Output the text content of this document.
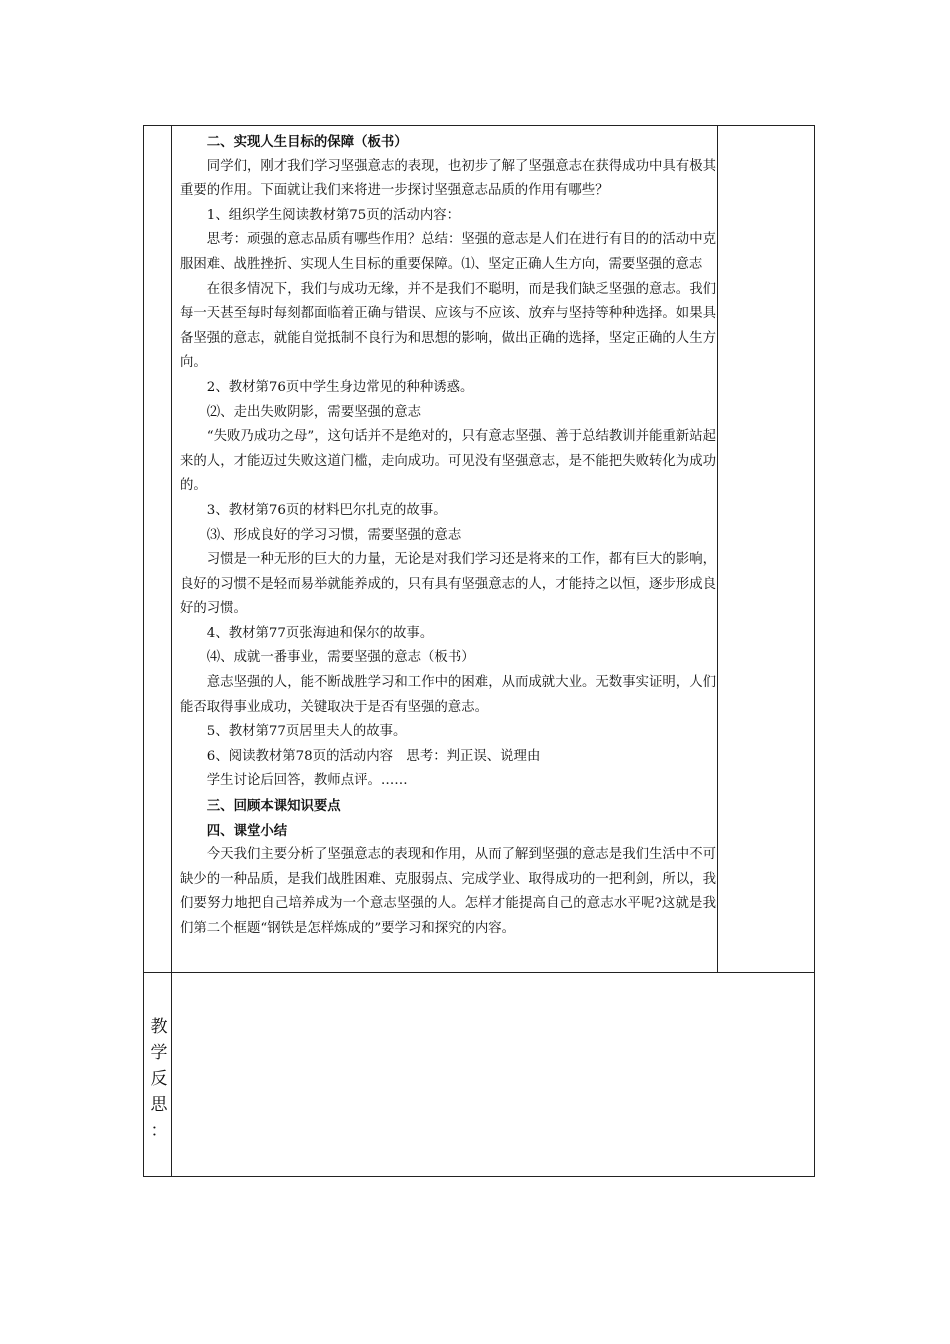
二、实现人生目标的保障（板书）

同学们，刚才我们学习坚强意志的表现，也初步了解了坚强意志在获得成功中具有极其重要的作用。下面就让我们来将进一步探讨坚强意志品质的作用有哪些？

1、组织学生阅读教材第75页的活动内容：

思考：顽强的意志品质有哪些作用？总结：坚强的意志是人们在进行有目的的活动中克服困难、战胜挫折、实现人生目标的重要保障。⑴、坚定正确人生方向，需要坚强的意志

在很多情况下，我们与成功无缘，并不是我们不聪明，而是我们缺乏坚强的意志。我们每一天甚至每时每刻都面临着正确与错误、应该与不应该、放弃与坚持等种种选择。如果具备坚强的意志，就能自觉抵制不良行为和思想的影响，做出正确的选择，坚定正确的人生方向。

2、教材第76页中学生身边常见的种种诱惑。

⑵、走出失败阴影，需要坚强的意志

“失败乃成功之母”，这句话并不是绝对的，只有意志坚强、善于总结教训并能重新站起来的人，才能迈过失败这道门槛，走向成功。可见没有坚强意志，是不能把失败转化为成功的。

3、教材第76页的材料巴尔扎克的故事。

⑶、形成良好的学习习惯，需要坚强的意志

习惯是一种无形的巨大的力量，无论是对我们学习还是将来的工作，都有巨大的影响，良好的习惯不是轻而易举就能养成的，只有具有坚强意志的人，才能持之以恒，逐步形成良好的习惯。

4、教材第77页张海迪和保尔的故事。

⑷、成就一番事业，需要坚强的意志（板书）

意志坚强的人，能不断战胜学习和工作中的困难，从而成就大业。无数事实证明，人们能否取得事业成功，关键取决于是否有坚强的意志。

5、教材第77页居里夫人的故事。

6、阅读教材第78页的活动内容　思考：判正误、说理由

学生讨论后回答，教师点评。……

三、回顾本课知识要点

四、课堂小结

今天我们主要分析了坚强意志的表现和作用，从而了解到坚强的意志是我们生活中不可缺少的一种品质，是我们战胜困难、克服弱点、完成学业、取得成功的一把利剑，所以，我们要努力地把自己培养成为一个意志坚强的人。怎样才能提高自己的意志水平呢?这就是我们第二个框题“钢铁是怎样炼成的”要学习和探究的内容。

教
学
反
思
：
